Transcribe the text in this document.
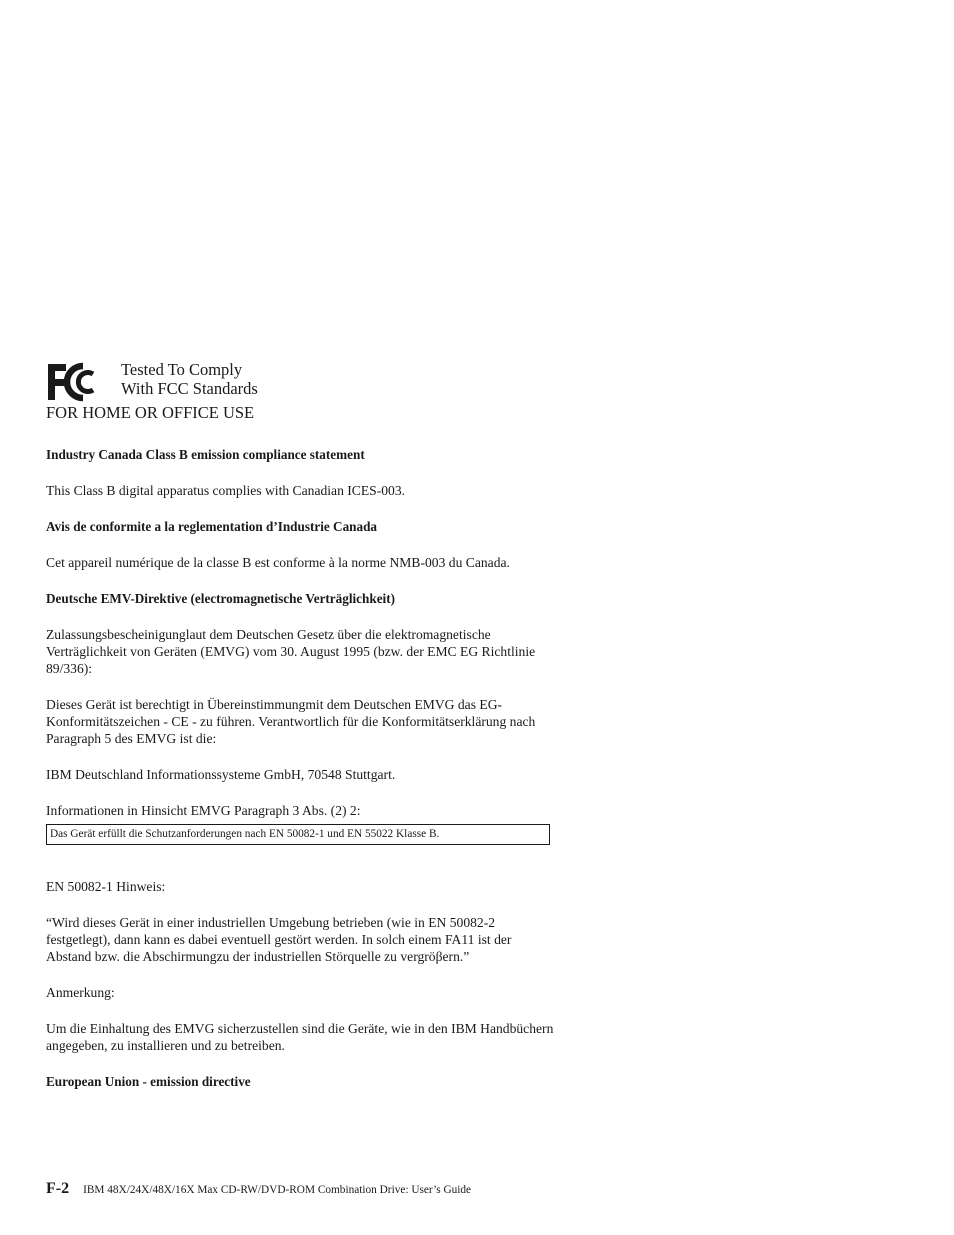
FC	Tested To Comply
With FCC Standards
FOR HOME OR OFFICE USE
Industry Canada Class B emission compliance statement

This Class B digital apparatus complies with Canadian ICES-003.

Avis de conformite a la reglementation d’Industrie Canada

Cet appareil numérique de la classe B est conforme à la norme NMB-003 du Canada.

Deutsche EMV-Direktive (electromagnetische Verträglichkeit)

Zulassungsbescheinigunglaut dem Deutschen Gesetz über die elektromagnetische Verträglichkeit von Geräten (EMVG) vom 30. August 1995 (bzw. der EMC EG Richtlinie 89/336):

Dieses Gerät ist berechtigt in Übereinstimmungmit dem Deutschen EMVG das EG-Konformitätszeichen - CE - zu führen. Verantwortlich für die Konformitätserklärung nach Paragraph 5 des EMVG ist die:

IBM Deutschland Informationssysteme GmbH, 70548 Stuttgart.

Informationen in Hinsicht EMVG Paragraph 3 Abs. (2) 2:

Das Gerät erfüllt die Schutzanforderungen nach EN 50082-1 und EN 55022 Klasse B.

EN 50082-1 Hinweis:

“Wird dieses Gerät in einer industriellen Umgebung betrieben (wie in EN 50082-2 festgetlegt), dann kann es dabei eventuell gestört werden. In solch einem FA11 ist der Abstand bzw. die Abschirmungzu der industriellen Störquelle zu vergröβern.”

Anmerkung:

Um die Einhaltung des EMVG sicherzustellen sind die Geräte, wie in den IBM Handbüchern angegeben, zu installieren und zu betreiben.

European Union - emission directive
F-2 IBM 48X/24X/48X/16X Max CD-RW/DVD-ROM Combination Drive: User’s Guide
